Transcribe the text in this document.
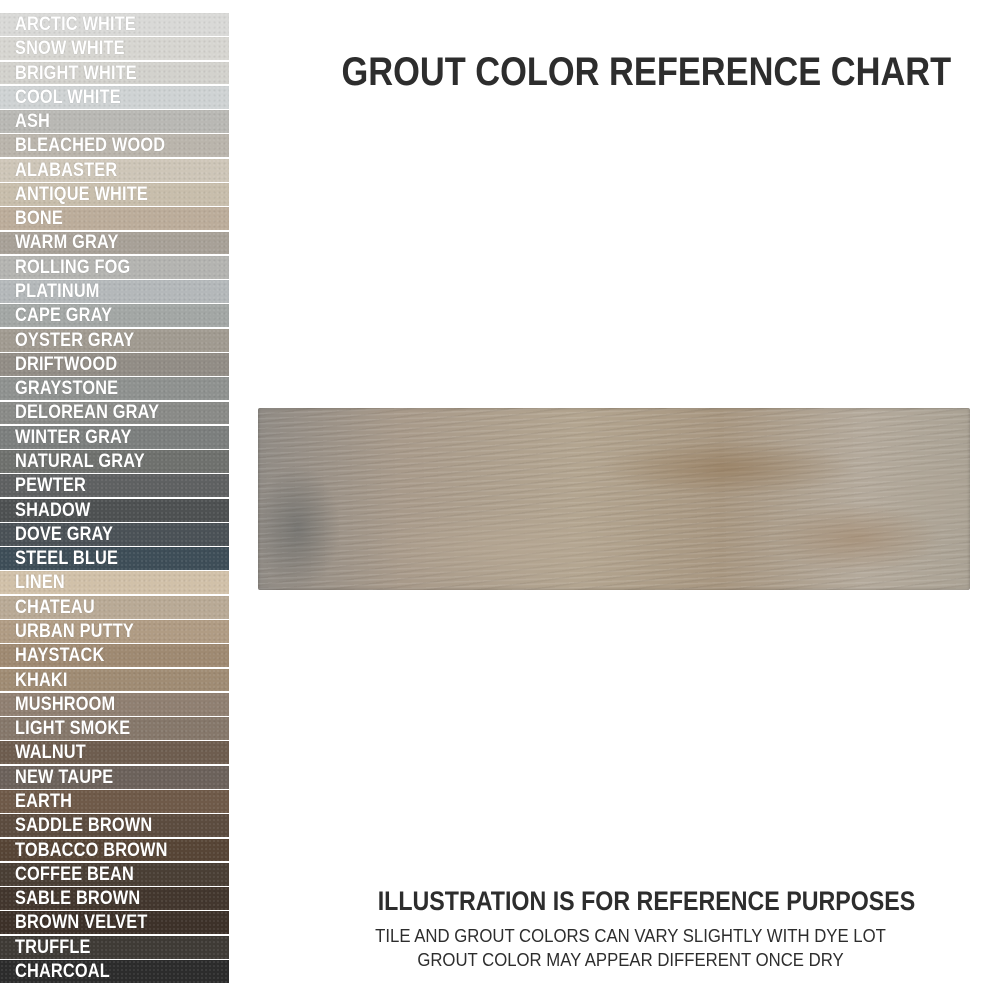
ARCTIC WHITE
SNOW WHITE
BRIGHT WHITE
COOL WHITE
ASH
BLEACHED WOOD
ALABASTER
ANTIQUE WHITE
BONE
WARM GRAY
ROLLING FOG
PLATINUM
CAPE GRAY
OYSTER GRAY
DRIFTWOOD
GRAYSTONE
DELOREAN GRAY
WINTER GRAY
NATURAL GRAY
PEWTER
SHADOW
DOVE GRAY
STEEL BLUE
LINEN
CHATEAU
URBAN PUTTY
HAYSTACK
KHAKI
MUSHROOM
LIGHT SMOKE
WALNUT
NEW TAUPE
EARTH
SADDLE BROWN
TOBACCO BROWN
COFFEE BEAN
SABLE BROWN
BROWN VELVET
TRUFFLE
CHARCOAL
GROUT COLOR REFERENCE CHART
ILLUSTRATION IS FOR REFERENCE PURPOSES

TILE AND GROUT COLORS CAN VARY SLIGHTLY WITH DYE LOT

GROUT COLOR MAY APPEAR DIFFERENT ONCE DRY
